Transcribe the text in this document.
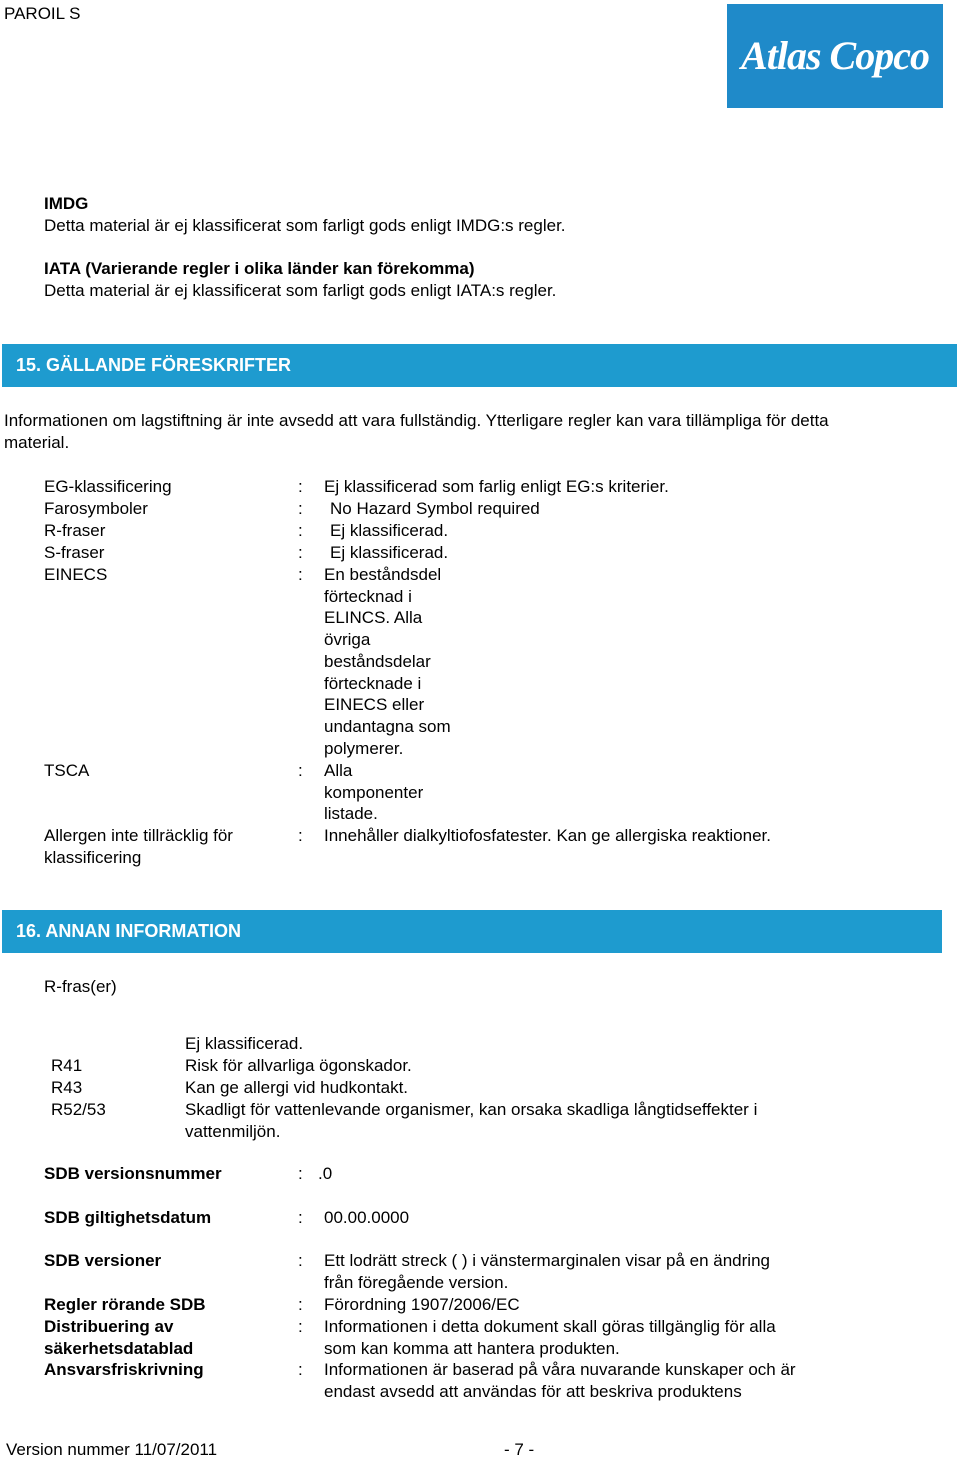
PAROIL S
Atlas Copco
IMDG
Detta material är ej klassificerat som farligt gods enligt IMDG:s regler.
IATA (Varierande regler i olika länder kan förekomma)
Detta material är ej klassificerat som farligt gods enligt IATA:s regler.
15. GÄLLANDE FÖRESKRIFTER
Informationen om lagstiftning är inte avsedd att vara fullständig. Ytterligare regler kan vara tillämpliga för detta
material.
EG-klassificering	: Ej klassificerad som farlig enligt EG:s kriterier.
Farosymboler	: No Hazard Symbol required
R-fraser	: Ej klassificerad.
S-fraser	: Ej klassificerad.
EINECS	: En beståndsdel
förtecknad i
ELINCS. Alla
övriga
beståndsdelar
förtecknade i
EINECS eller
undantagna som
polymerer.
TSCA	: Alla
komponenter
listade.
Allergen inte tillräcklig för
klassificering
: Innehåller dialkyltiofosfatester. Kan ge allergiska reaktioner.
16. ANNAN INFORMATION
R-fras(er)
Ej klassificerad.
R41	Risk för allvarliga ögonskador.
R43	Kan ge allergi vid hudkontakt.
R52/53	Skadligt för vattenlevande organismer, kan orsaka skadliga långtidseffekter i
vattenmiljön.
SDB versionsnummer	: .0
SDB giltighetsdatum	: 00.00.0000
SDB versioner	: Ett lodrätt streck ( ) i vänstermarginalen visar på en ändring
från föregående version.
Regler rörande SDB	: Förordning 1907/2006/EC
Distribuering av
säkerhetsdatablad
: Informationen i detta dokument skall göras tillgänglig för alla
som kan komma att hantera produkten.
Ansvarsfriskrivning	: Informationen är baserad på våra nuvarande kunskaper och är
endast avsedd att användas för att beskriva produktens
Version nummer 11/07/2011	- 7 -
